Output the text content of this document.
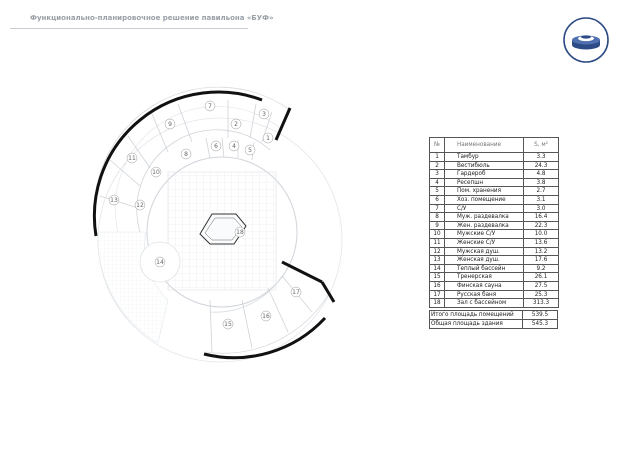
Функционально-планировочное решение павильона «БУФ»
1
2
3
4
5
6
7
8
9
10
11
12
13
14
15
16
17
18
№	Наименование	S, м²
1	Тамбур	3.3
2	Вестибюль	24.3
3	Гардероб	4.8
4	Ресепшн	3.8
5	Пом. хранения	2.7
6	Хоз. помещение	3.1
7	С/У	3.0
8	Муж. раздевалка	16.4
9	Жен. раздевалка	22.3
10	Мужские С/У	10.0
11	Женские С/У	13.6
12	Мужская душ.	13.2
13	Женская душ.	17.6
14	Теплый бассейн	9.2
15	Тренерская	26.1
16	Финская сауна	27.5
17	Русская баня	25.3
18	Зал с бассейном	313.3
Итого площадь помещений	539.5
Общая площадь здания	545.3
